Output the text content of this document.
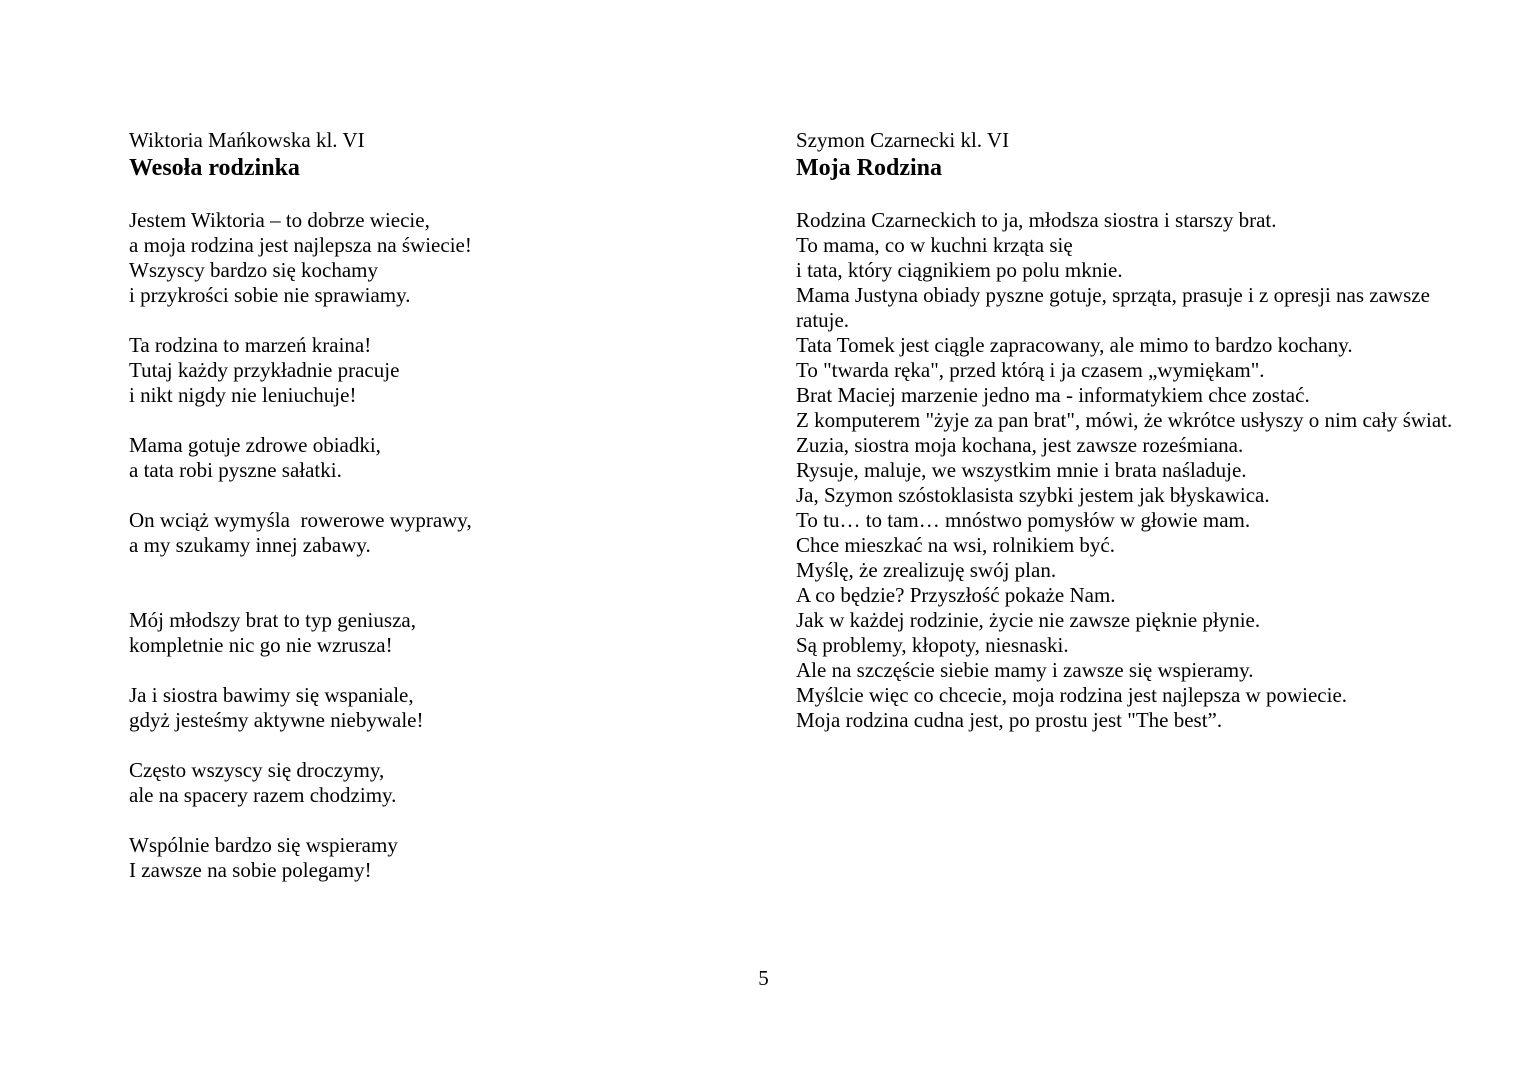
Wiktoria Mańkowska kl. VI

Wesoła rodzinka

Jestem Wiktoria – to dobrze wiecie,
a moja rodzina jest najlepsza na świecie!
Wszyscy bardzo się kochamy
i przykrości sobie nie sprawiamy.
Ta rodzina to marzeń kraina!
Tutaj każdy przykładnie pracuje
i nikt nigdy nie leniuchuje!
Mama gotuje zdrowe obiadki,
a tata robi pyszne sałatki.
On wciąż wymyśla  rowerowe wyprawy,
a my szukamy innej zabawy.
Mój młodszy brat to typ geniusza,
kompletnie nic go nie wzrusza!
Ja i siostra bawimy się wspaniale,
gdyż jesteśmy aktywne niebywale!
Często wszyscy się droczymy,
ale na spacery razem chodzimy.
Wspólnie bardzo się wspieramy
I zawsze na sobie polegamy!

Szymon Czarnecki kl. VI

Moja Rodzina

Rodzina Czarneckich to ja, młodsza siostra i starszy brat.
To mama, co w kuchni krząta się
i tata, który ciągnikiem po polu mknie.
Mama Justyna obiady pyszne gotuje, sprząta, prasuje i z opresji nas zawsze ratuje.
Tata Tomek jest ciągle zapracowany, ale mimo to bardzo kochany.
To "twarda ręka", przed którą i ja czasem „wymiękam".
Brat Maciej marzenie jedno ma - informatykiem chce zostać.
Z komputerem "żyje za pan brat", mówi, że wkrótce usłyszy o nim cały świat.
Zuzia, siostra moja kochana, jest zawsze roześmiana.
Rysuje, maluje, we wszystkim mnie i brata naśladuje.
Ja, Szymon szóstoklasista szybki jestem jak błyskawica.
To tu… to tam… mnóstwo pomysłów w głowie mam.
Chce mieszkać na wsi, rolnikiem być.
Myślę, że zrealizuję swój plan.
A co będzie? Przyszłość pokaże Nam.
Jak w każdej rodzinie, życie nie zawsze pięknie płynie.
Są problemy, kłopoty, niesnaski.
Ale na szczęście siebie mamy i zawsze się wspieramy.
Myślcie więc co chcecie, moja rodzina jest najlepsza w powiecie.
Moja rodzina cudna jest, po prostu jest "The best”.
5
